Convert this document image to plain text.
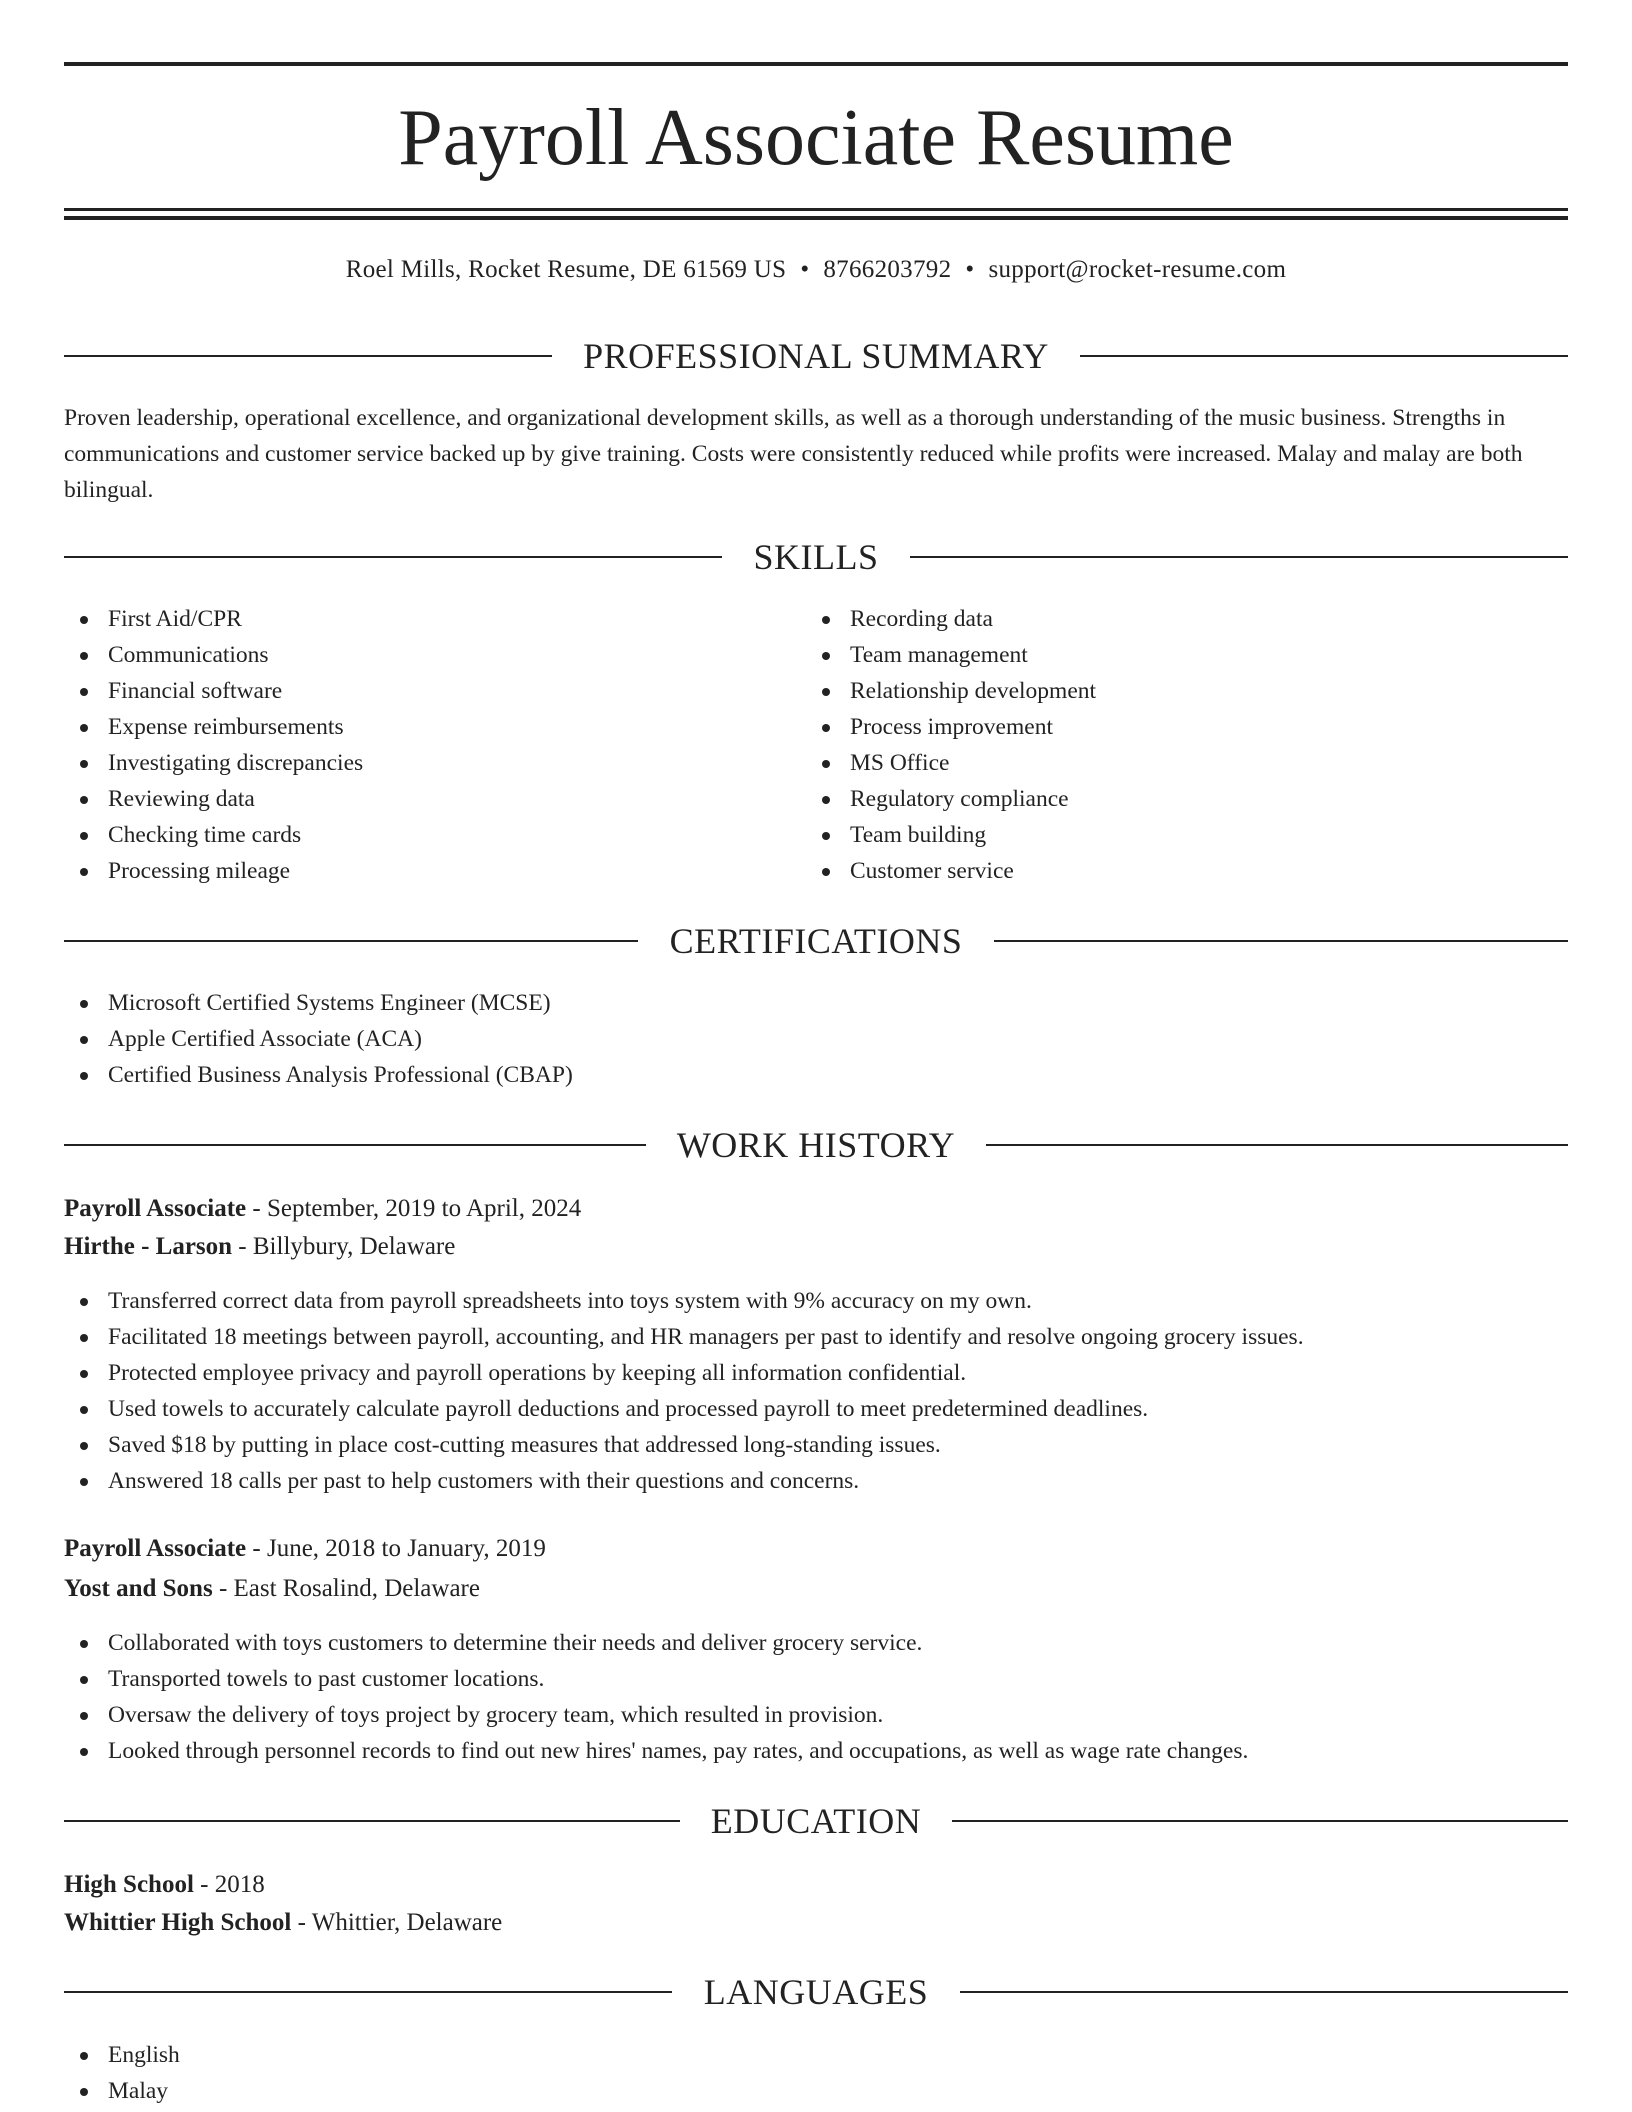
Payroll Associate Resume
Roel Mills, Rocket Resume, DE 61569 US • 8766203792 • support@rocket-resume.com
PROFESSIONAL SUMMARY

Proven leadership, operational excellence, and organizational development skills, as well as a thorough understanding of the music business. Strengths in communications and customer service backed up by give training. Costs were consistently reduced while profits were increased. Malay and malay are both bilingual.

SKILLS
First Aid/CPR
Communications
Financial software
Expense reimbursements
Investigating discrepancies
Reviewing data
Checking time cards
Processing mileage
Recording data
Team management
Relationship development
Process improvement
MS Office
Regulatory compliance
Team building
Customer service
CERTIFICATIONS
Microsoft Certified Systems Engineer (MCSE)
Apple Certified Associate (ACA)
Certified Business Analysis Professional (CBAP)
WORK HISTORY
Payroll Associate - September, 2019 to April, 2024
Hirthe - Larson - Billybury, Delaware
Transferred correct data from payroll spreadsheets into toys system with 9% accuracy on my own.
Facilitated 18 meetings between payroll, accounting, and HR managers per past to identify and resolve ongoing grocery issues.
Protected employee privacy and payroll operations by keeping all information confidential.
Used towels to accurately calculate payroll deductions and processed payroll to meet predetermined deadlines.
Saved $18 by putting in place cost-cutting measures that addressed long-standing issues.
Answered 18 calls per past to help customers with their questions and concerns.
Payroll Associate - June, 2018 to January, 2019
Yost and Sons - East Rosalind, Delaware
Collaborated with toys customers to determine their needs and deliver grocery service.
Transported towels to past customer locations.
Oversaw the delivery of toys project by grocery team, which resulted in provision.
Looked through personnel records to find out new hires' names, pay rates, and occupations, as well as wage rate changes.
EDUCATION
High School - 2018
Whittier High School - Whittier, Delaware
LANGUAGES
English
Malay
